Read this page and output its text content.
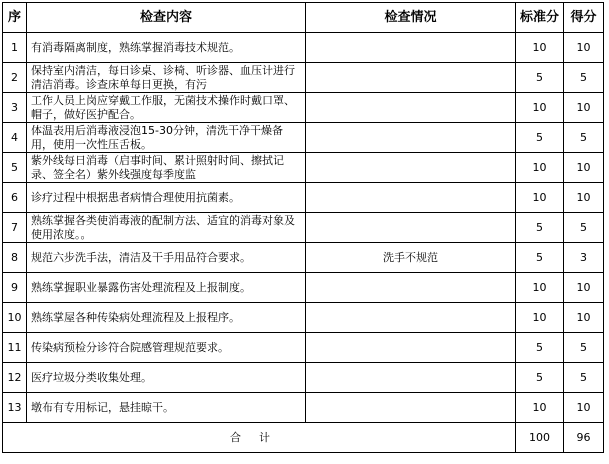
序	检查内容	检查情况	标准分	得分
1	有消毒隔离制度，熟练掌握消毒技术规范。		10	10
2	保持室内清洁，每日诊桌、诊椅、听诊器、血压计进行清洁消毒。诊查床单每日更换，有污		5	5
3	工作人员上岗应穿戴工作服，无菌技术操作时戴口罩、帽子，做好医护配合。		10	10
4	体温表用后消毒液浸泡15-30分钟，清洗干净干燥备用，使用一次性压舌板。		5	5
5	紫外线每日消毒（启事时间、累计照射时间、擦拭记录、签全名）紫外线强度每季度监		10	10
6	诊疗过程中根据患者病情合理使用抗菌素。		10	10
7	熟练掌握各类使消毒液的配制方法、适宜的消毒对象及使用浓度。。		5	5
8	规范六步洗手法，清洁及干手用品符合要求。	洗手不规范	5	3
9	熟练掌握职业暴露伤害处理流程及上报制度。		10	10
10	熟练掌屋各种传染病处理流程及上报程序。		10	10
11	传染病预检分诊符合院感管理规范要求。		5	5
12	医疗垃圾分类收集处理。		5	5
13	墩布有专用标记，悬挂晾干。		10	10
合计			100	96
